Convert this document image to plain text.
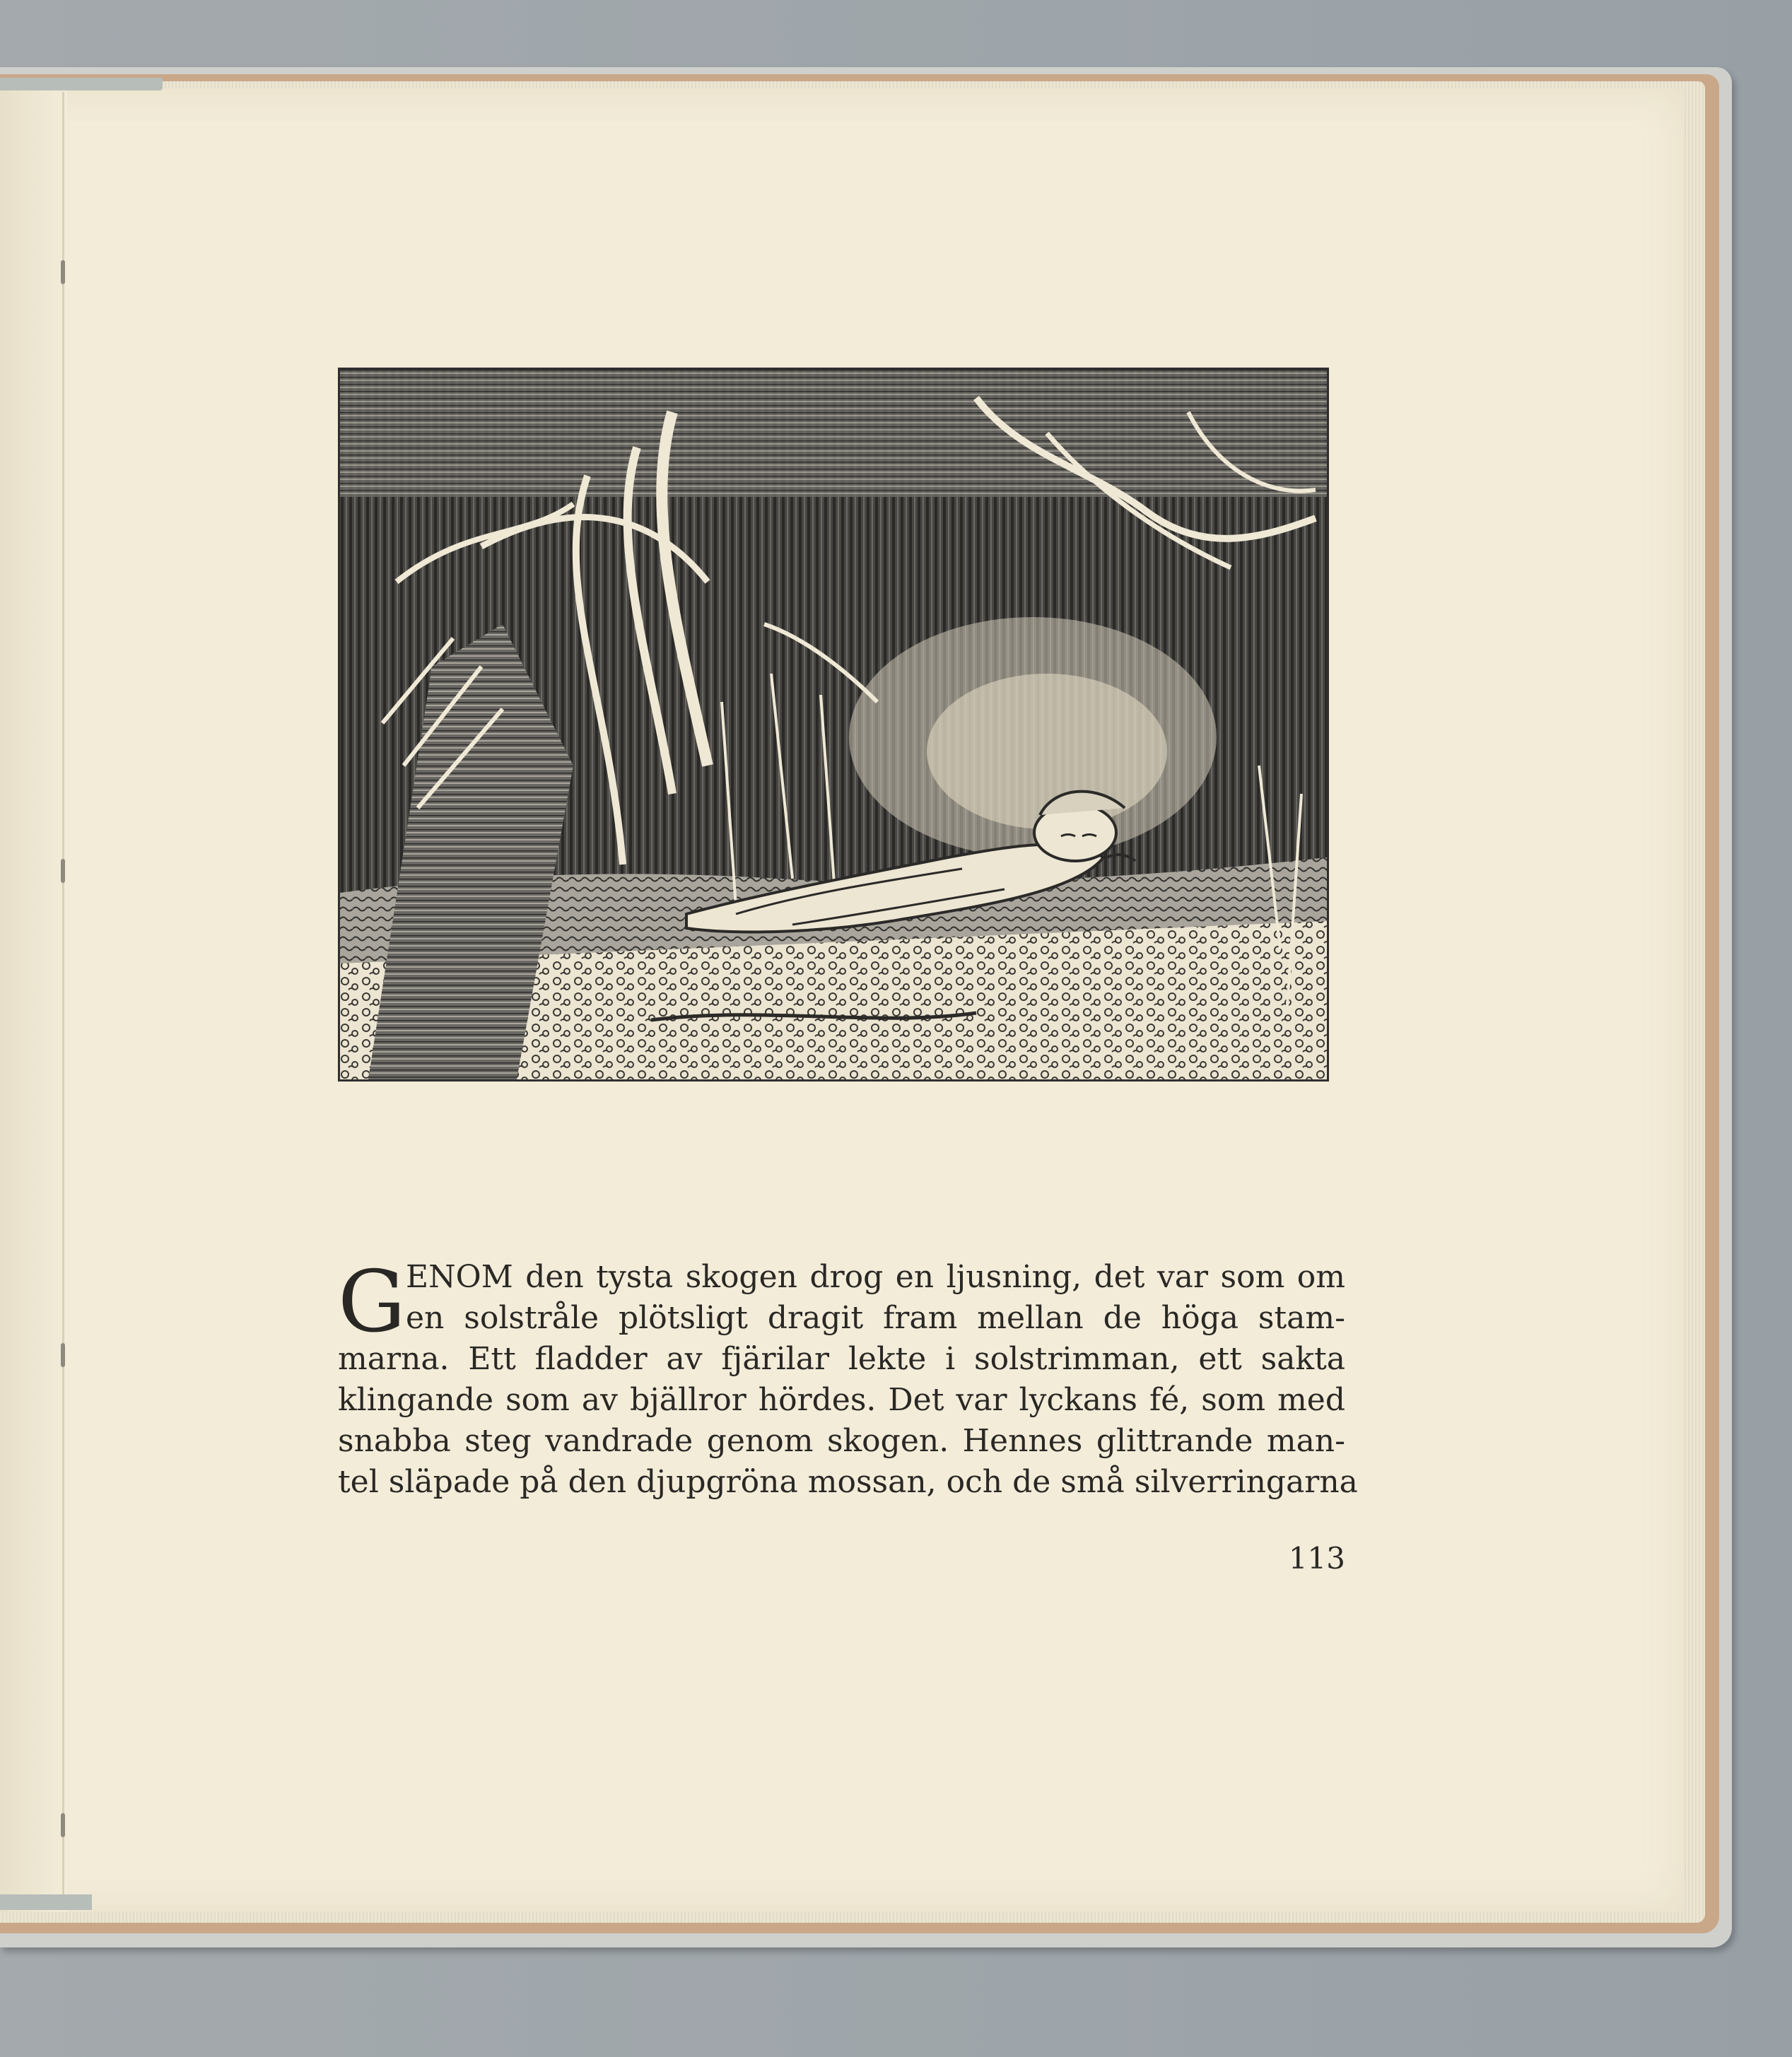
G ENOM den tysta skogen drog en ljusning, det var som om
en solstråle plötsligt dragit fram mellan de höga stam-
marna. Ett fladder av fjärilar lekte i solstrimman, ett sakta
klingande som av bjällror hördes. Det var lyckans fé, som med
snabba steg vandrade genom skogen. Hennes glittrande man-
tel släpade på den djupgröna mossan, och de små silverringarna
113
